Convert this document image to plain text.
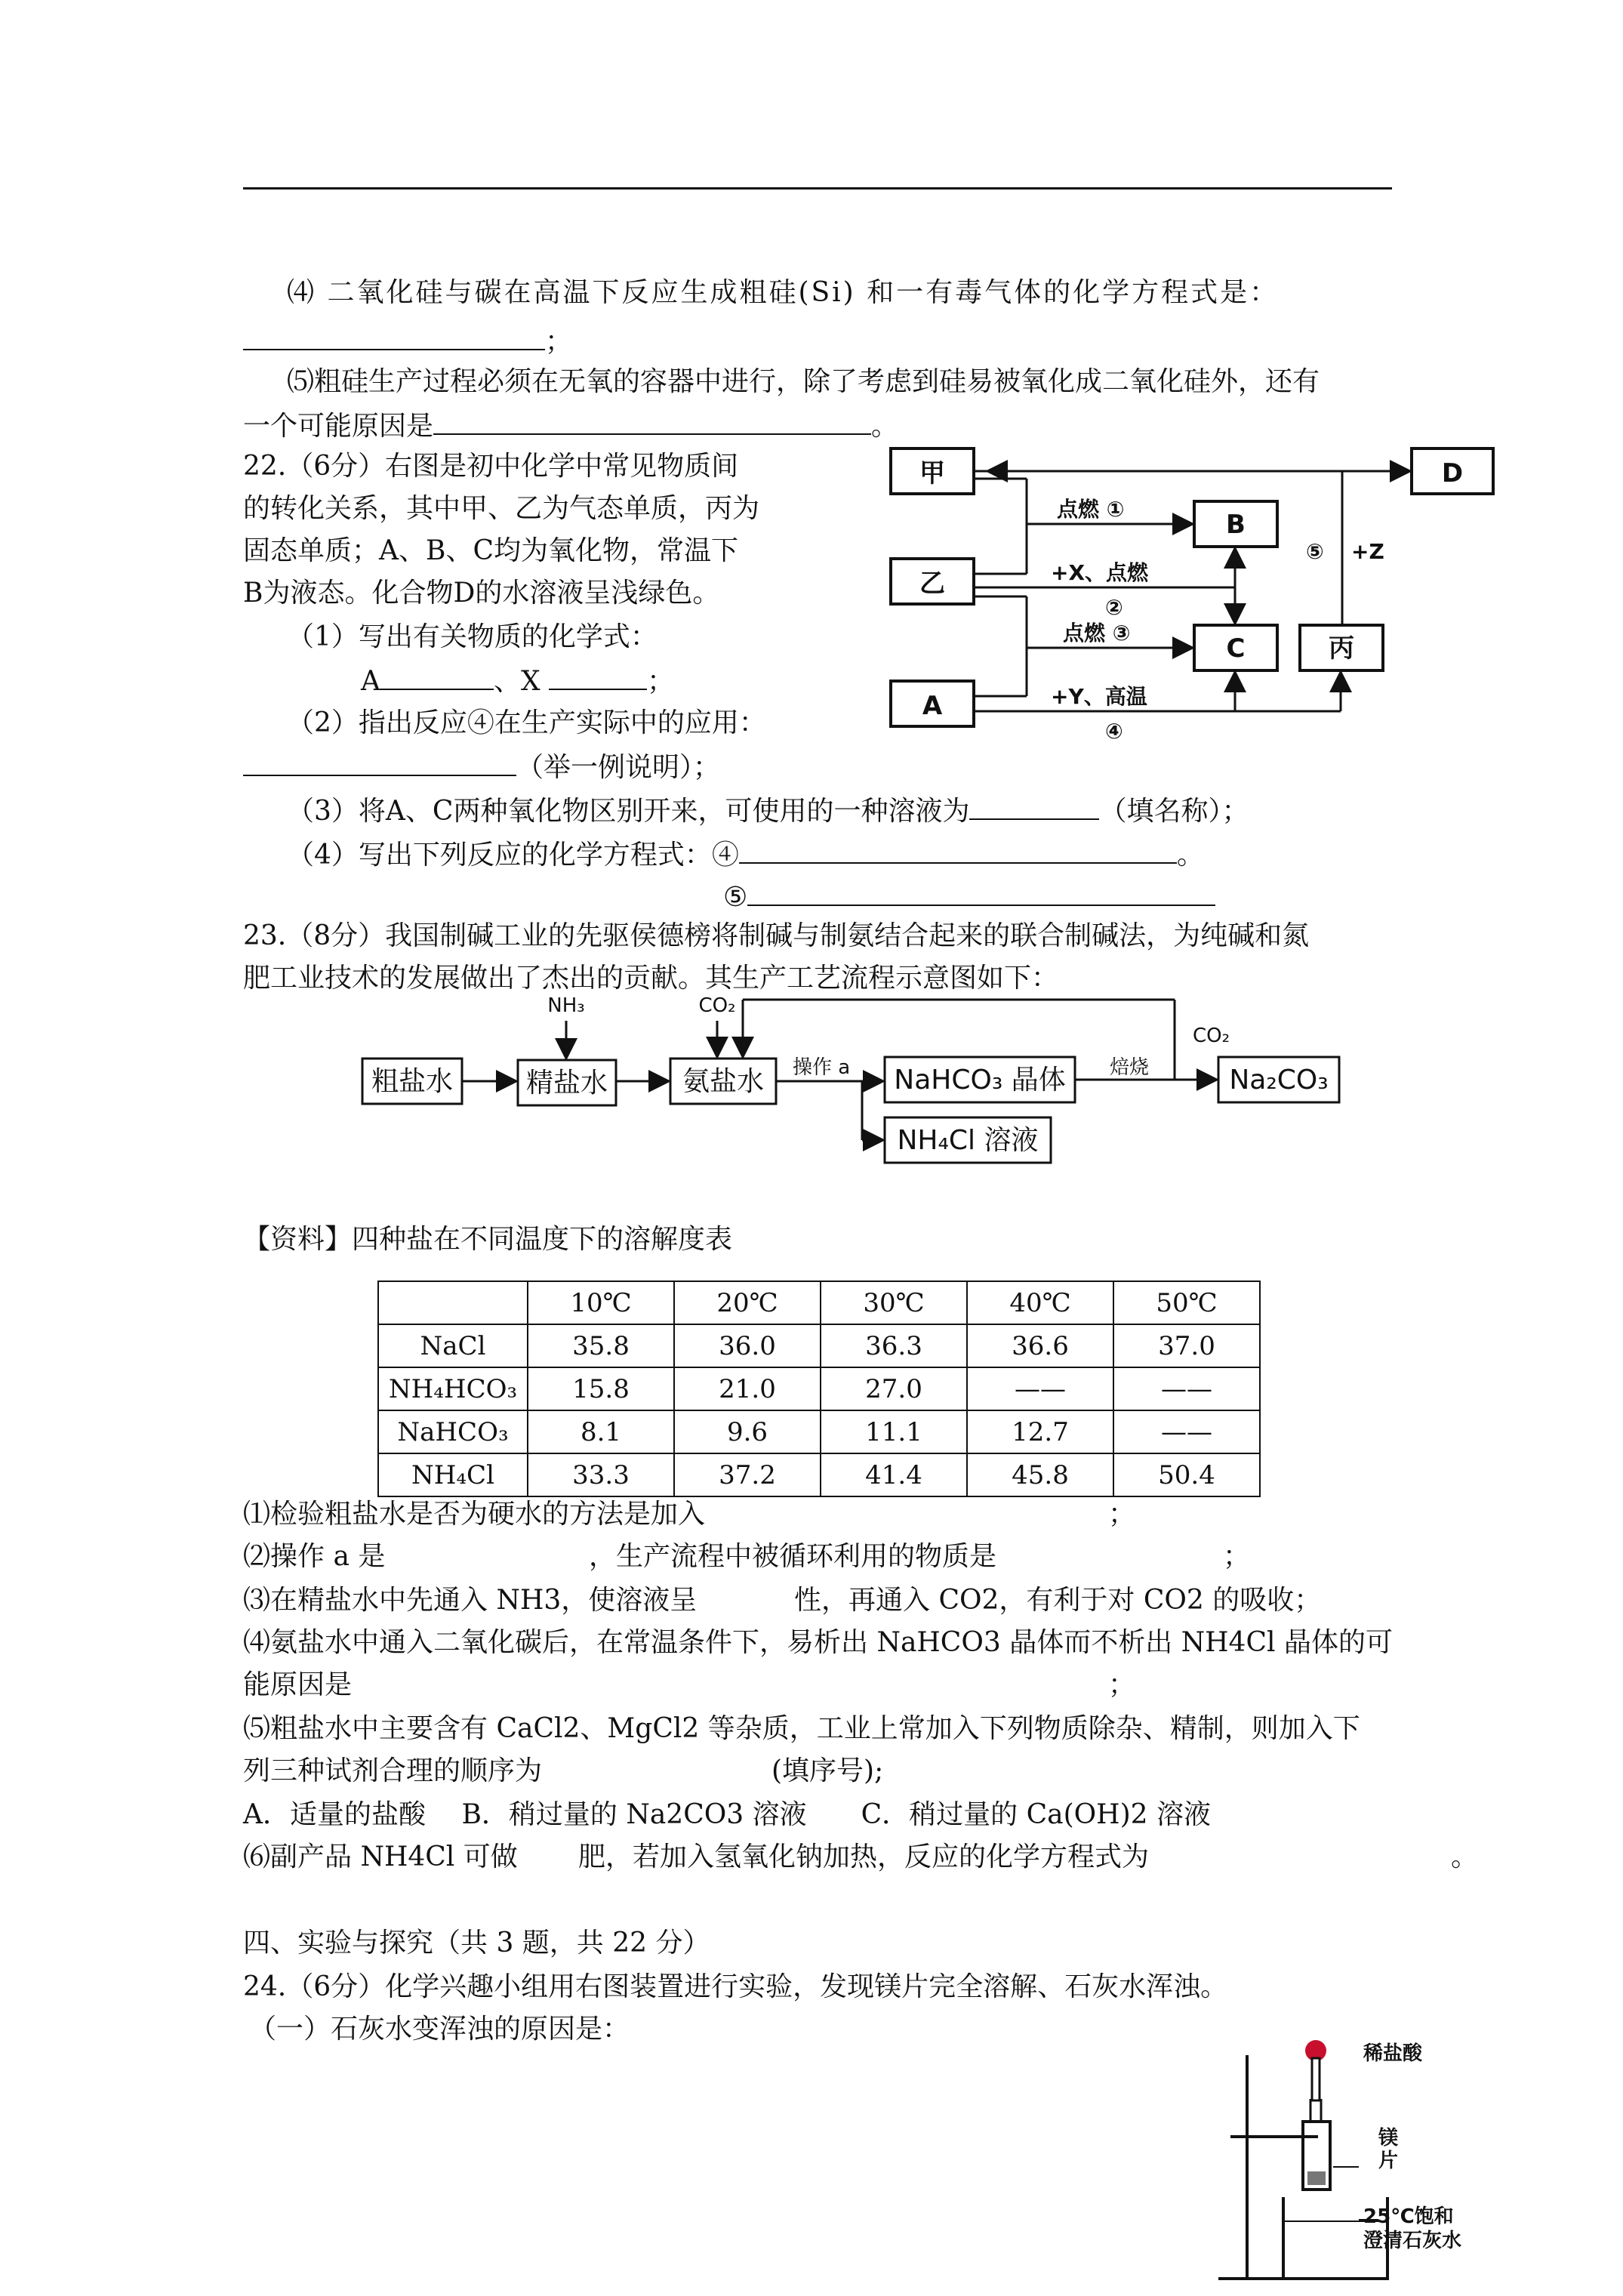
⑷ 二氧化硅与碳在高温下反应生成粗硅(Si) 和一有毒气体的化学方程式是：
；
⑸粗硅生产过程必须在无氧的容器中进行，除了考虑到硅易被氧化成二氧化硅外，还有
一个可能原因是	。
22.（6分）右图是初中化学中常见物质间
的转化关系，其中甲、乙为气态单质，丙为
固态单质；A、B、C均为氧化物，常温下
B为液态。化合物D的水溶液呈浅绿色。
（1）写出有关物质的化学式：
A	、X	；
（2）指出反应④在生产实际中的应用：
（举一例说明）；
（3）将A、C两种氧化物区别开来，可使用的一种溶液为	（填名称）；
（4）写出下列反应的化学方程式：④	。
⑤
甲
乙
A
B
C	丙
D
点燃 ①
+X、点燃
②
点燃 ③
+Y、高温
④
⑤ +Z
23.（8分）我国制碱工业的先驱侯德榜将制碱与制氨结合起来的联合制碱法，为纯碱和氮
肥工业技术的发展做出了杰出的贡献。其生产工艺流程示意图如下：
粗盐水	精盐水	氨盐水	NaHCO₃ 晶体	Na₂CO₃
NH₄Cl 溶液
NH₃	CO₂
CO₂
操作 a	焙烧
【资料】四种盐在不同温度下的溶解度表
	10℃	20℃	30℃	40℃	50℃
NaCl	35.8	36.0	36.3	36.6	37.0
NH₄HCO₃	15.8	21.0	27.0	——	——
NaHCO₃	8.1	9.6	11.1	12.7	——
NH₄Cl	33.3	37.2	41.4	45.8	50.4
⑴检验粗盐水是否为硬水的方法是加入	；
⑵操作 a 是	，生产流程中被循环利用的物质是	；
⑶在精盐水中先通入 NH3，使溶液呈	性，再通入 CO2，有利于对 CO2 的吸收；
⑷氨盐水中通入二氧化碳后，在常温条件下，易析出 NaHCO3 晶体而不析出 NH4Cl 晶体的可
能原因是	；
⑸粗盐水中主要含有 CaCl2、MgCl2 等杂质，工业上常加入下列物质除杂、精制，则加入下
列三种试剂合理的顺序为	(填序号);
A．适量的盐酸　 B．稍过量的 Na2CO3 溶液　　C．稍过量的 Ca(OH)2 溶液
⑹副产品 NH4Cl 可做 肥，若加入氢氧化钠加热，反应的化学方程式为	。
四、实验与探究（共 3 题，共 22 分）
24.（6分）化学兴趣小组用右图装置进行实验，发现镁片完全溶解、石灰水浑浊。
（一）石灰水变浑浊的原因是：
稀盐酸
镁
片
25℃饱和
澄清石灰水
